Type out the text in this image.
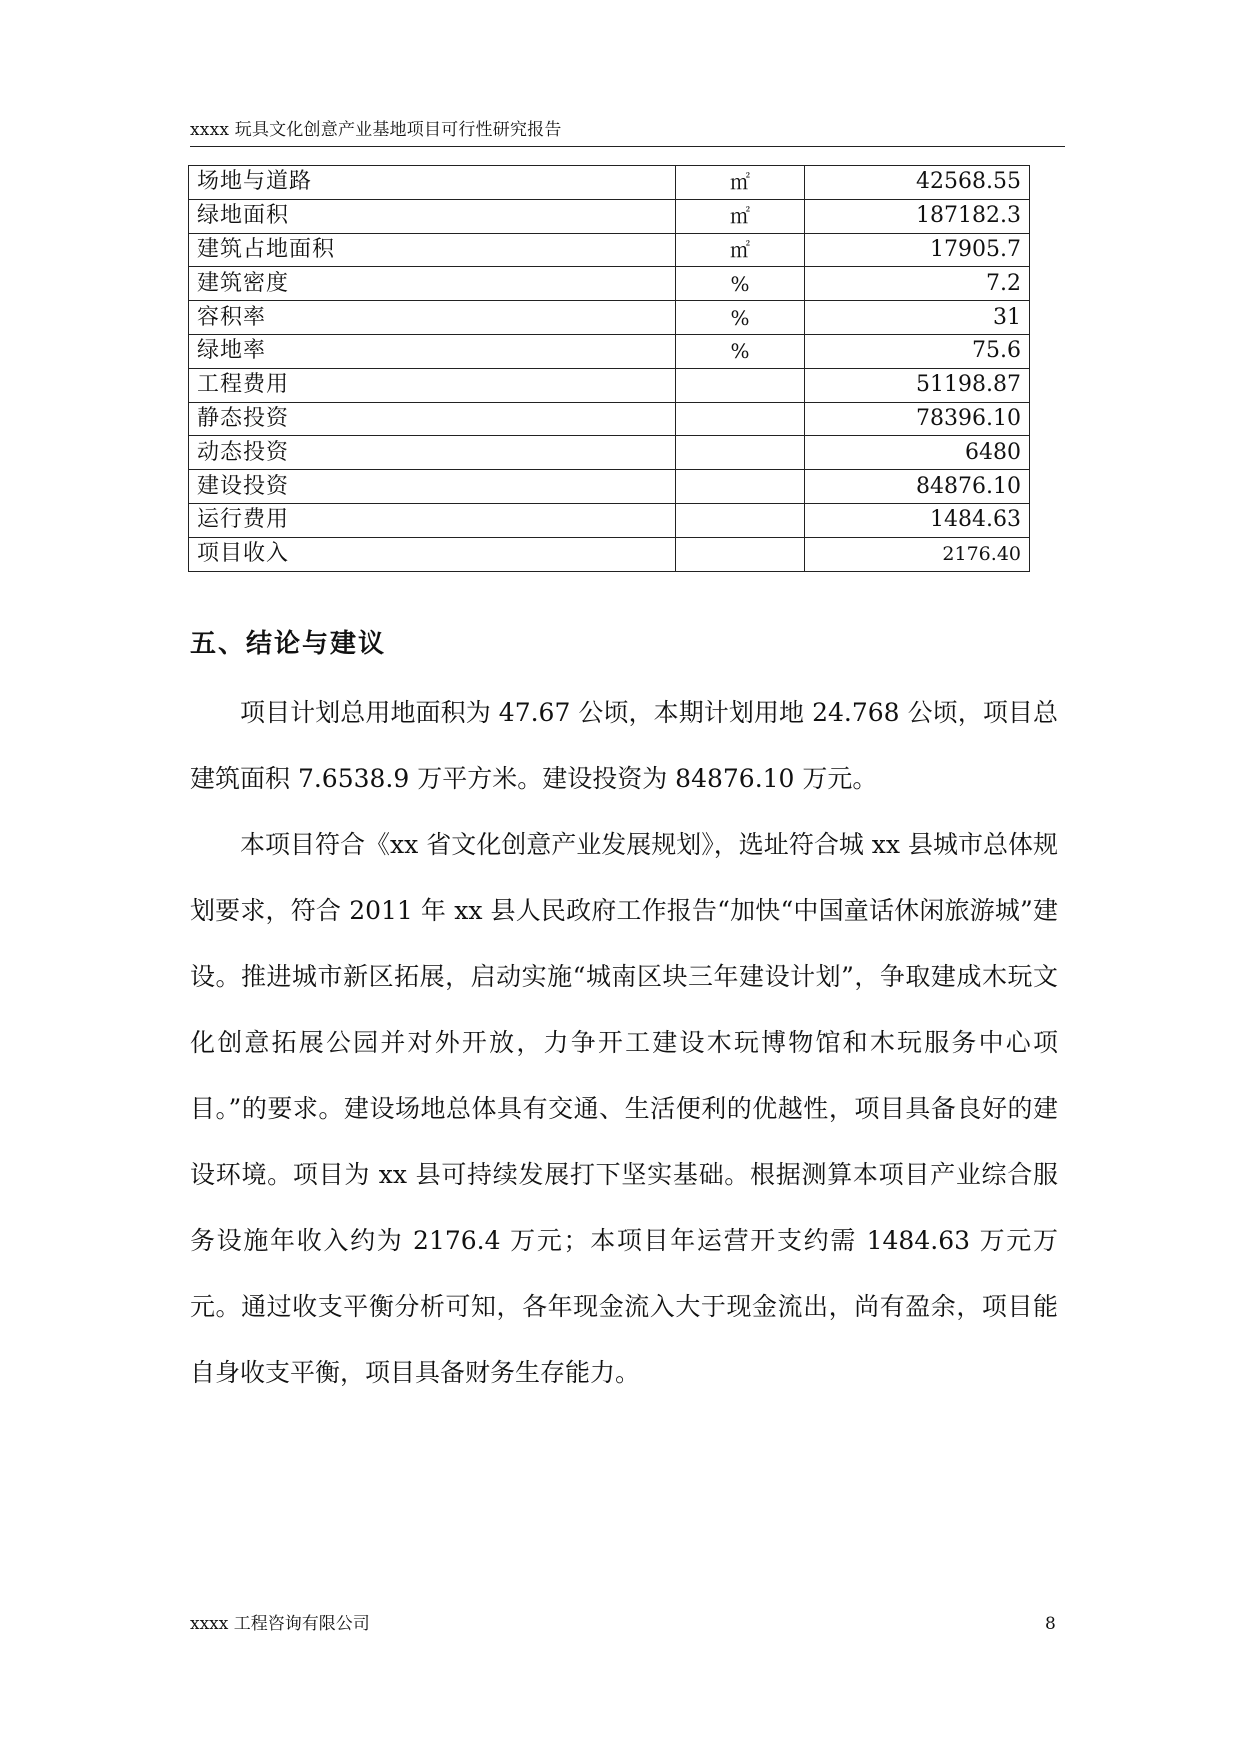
xxxx 玩具文化创意产业基地项目可行性研究报告
场地与道路	㎡	42568.55
绿地面积	㎡	187182.3
建筑占地面积	㎡	17905.7
建筑密度	%	7.2
容积率	%	31
绿地率	%	75.6
工程费用		51198.87
静态投资		78396.10
动态投资		6480
建设投资		84876.10
运行费用		1484.63
项目收入		2176.40
五、结论与建议

项目计划总用地面积为 47.67 公顷，本期计划用地 24.768 公顷，项目总建筑面积 7.6538.9 万平方米。建设投资为 84876.10 万元。

本项目符合《xx 省文化创意产业发展规划》，选址符合城 xx 县城市总体规划要求，符合 2011 年 xx 县人民政府工作报告“加快“中国童话休闲旅游城”建设。推进城市新区拓展，启动实施“城南区块三年建设计划”，争取建成木玩文化创意拓展公园并对外开放，力争开工建设木玩博物馆和木玩服务中心项目。”的要求。建设场地总体具有交通、生活便利的优越性，项目具备良好的建设环境。项目为 xx 县可持续发展打下坚实基础。根据测算本项目产业综合服务设施年收入约为 2176.4 万元；本项目年运营开支约需 1484.63 万元万元。通过收支平衡分析可知，各年现金流入大于现金流出，尚有盈余，项目能自身收支平衡，项目具备财务生存能力。

xxxx 工程咨询有限公司	8
